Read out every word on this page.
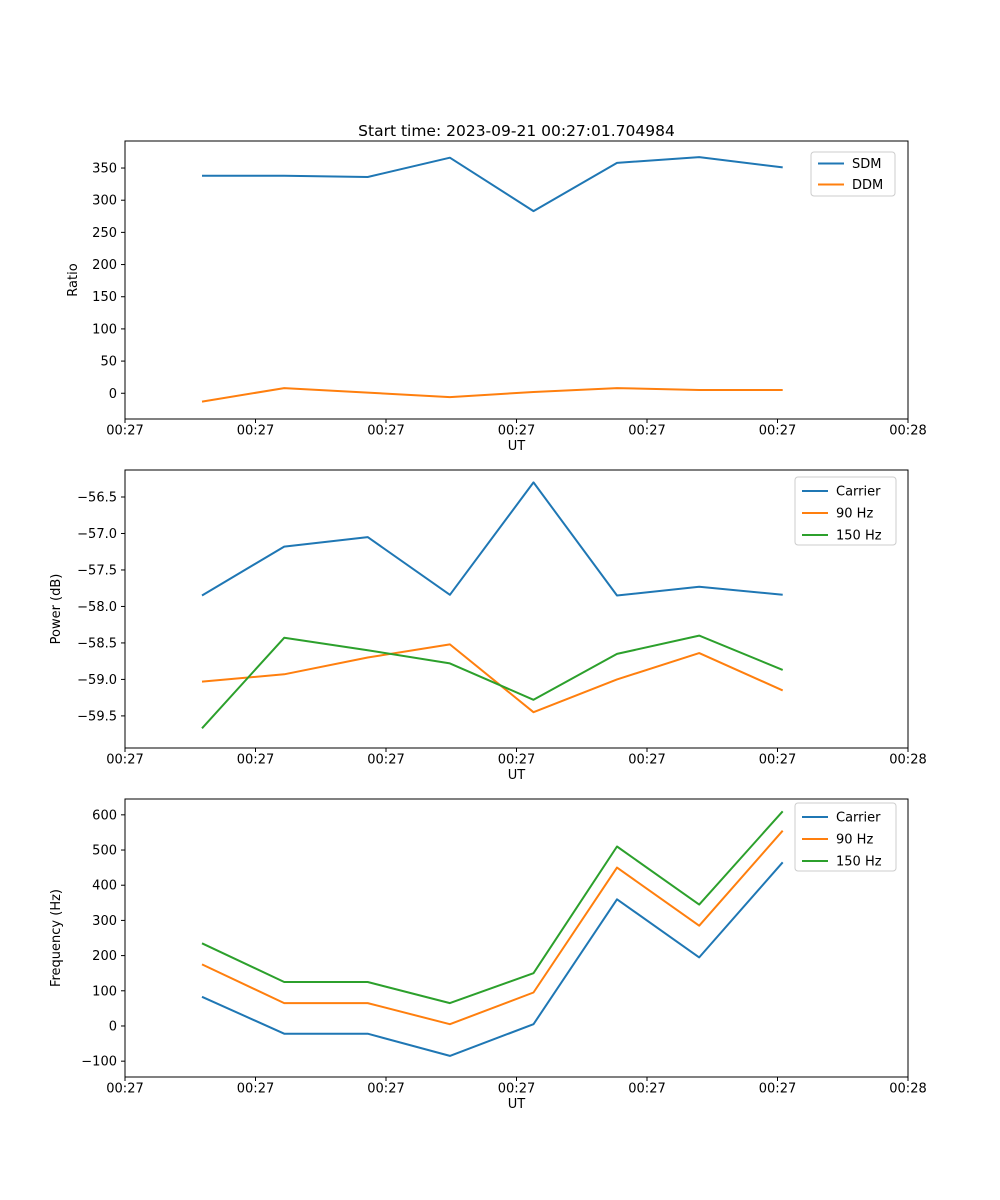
Start time: 2023-09-21 00:27:01.704984
00:27	00:27	00:27	00:27	00:27	00:27	00:28
0
50
100
150
200
250
300
350
UT
Ratio
SDM
DDM
00:27	00:27	00:27	00:27	00:27	00:27	00:28
−59.5
−59.0
−58.5
−58.0
−57.5
−57.0
−56.5
UT
Power (dB)
Carrier
90 Hz
150 Hz
00:27	00:27	00:27	00:27	00:27	00:27	00:28
−100
0
100
200
300
400
500
600
UT
Frequency (Hz)
Carrier
90 Hz
150 Hz
